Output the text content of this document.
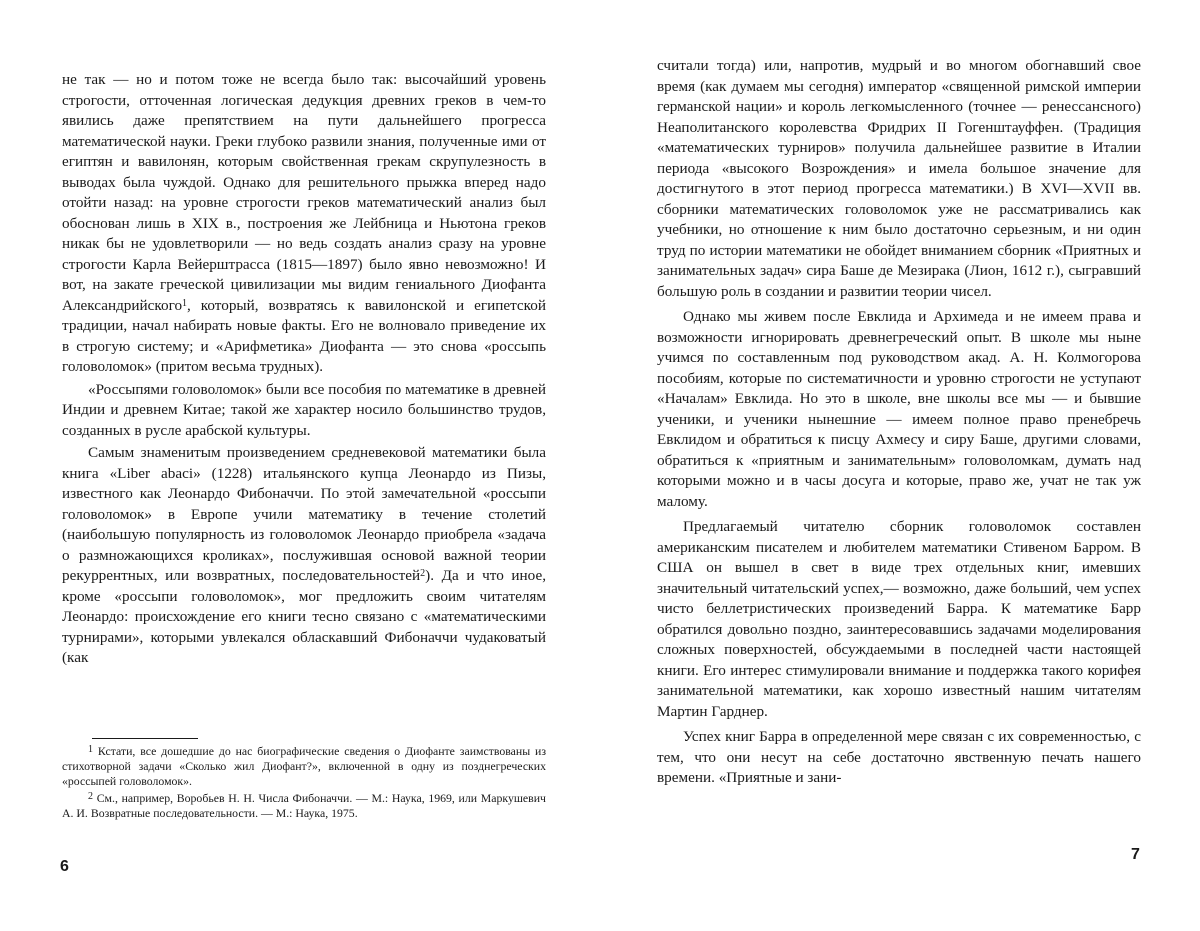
не так — но и потом тоже не всегда было так: высочайший уровень строгости, отточенная логическая дедукция древних греков в чем-то явились даже препятствием на пути дальнейшего прогресса математической науки. Греки глубоко развили знания, полученные ими от египтян и вавилонян, которым свойственная грекам скрупулезность в выводах была чуждой. Однако для решительного прыжка вперед надо отойти назад: на уровне строгости греков математический анализ был обоснован лишь в XIX в., построения же Лейбница и Ньютона греков никак бы не удовлетворили — но ведь создать анализ сразу на уровне строгости Карла Вейерштрасса (1815—1897) было явно невозможно! И вот, на закате греческой цивилизации мы видим гениального Диофанта Александрийского$^1$, который, возвратясь к вавилонской и египетской традиции, начал набирать новые факты. Его не волновало приведение их в строгую систему; и «Арифметика» Диофанта — это снова «россыпь головоломок» (притом весьма трудных).

«Россыпями головоломок» были все пособия по математике в древней Индии и древнем Китае; такой же характер носило большинство трудов, созданных в русле арабской культуры.

Самым знаменитым произведением средневековой математики была книга «Liber abaci» (1228) итальянского купца Леонардо из Пизы, известного как Леонардо Фибоначчи. По этой замечательной «россыпи головоломок» в Европе учили математику в течение столетий (наибольшую популярность из головоломок Леонардо приобрела «задача о размножающихся кроликах», послужившая основой важной теории рекуррентных, или возвратных, последовательностей$^2$). Да и что иное, кроме «россыпи головоломок», мог предложить своим читателям Леонардо: происхождение его книги тесно связано с «математическими турнирами», которыми увлекался обласкавший Фибоначчи чудаковатый (как

$^1$ Кстати, все дошедшие до нас биографические сведения о Диофанте заимствованы из стихотворной задачи «Сколько жил Диофант?», включенной в одну из позднегреческих «россыпей головоломок».

$^2$ См., например, Воробьев Н. Н. Числа Фибоначчи. — М.: Наука, 1969, или Маркушевич А. И. Возвратные последовательности. — М.: Наука, 1975.

6

считали тогда) или, напротив, мудрый и во многом обогнавший свое время (как думаем мы сегодня) император «священной римской империи германской нации» и король легкомысленного (точнее — ренессансного) Неаполитанского королевства Фридрих II Гогенштауффен. (Традиция «математических турниров» получила дальнейшее развитие в Италии периода «высокого Возрождения» и имела большое значение для достигнутого в этот период прогресса математики.) В XVI—XVII вв. сборники математических головоломок уже не рассматривались как учебники, но отношение к ним было достаточно серьезным, и ни один труд по истории математики не обойдет вниманием сборник «Приятных и занимательных задач» сира Баше де Мезирака (Лион, 1612 г.), сыгравший большую роль в создании и развитии теории чисел.

Однако мы живем после Евклида и Архимеда и не имеем права и возможности игнорировать древнегреческий опыт. В школе мы ныне учимся по составленным под руководством акад. А. Н. Колмогорова пособиям, которые по систематичности и уровню строгости не уступают «Началам» Евклида. Но это в школе, вне школы все мы — и бывшие ученики, и ученики нынешние — имеем полное право пренебречь Евклидом и обратиться к писцу Ахмесу и сиру Баше, другими словами, обратиться к «приятным и занимательным» головоломкам, думать над которыми можно и в часы досуга и которые, право же, учат не так уж малому.

Предлагаемый читателю сборник головоломок составлен американским писателем и любителем математики Стивеном Барром. В США он вышел в свет в виде трех отдельных книг, имевших значительный читательский успех,— возможно, даже больший, чем успех чисто беллетристических произведений Барра. К математике Барр обратился довольно поздно, заинтересовавшись задачами моделирования сложных поверхностей, обсуждаемыми в последней части настоящей книги. Его интерес стимулировали внимание и поддержка такого корифея занимательной математики, как хорошо известный нашим читателям Мартин Гарднер.

Успех книг Барра в определенной мере связан с их современностью, с тем, что они несут на себе достаточно явственную печать нашего времени. «Приятные и зани-

7
